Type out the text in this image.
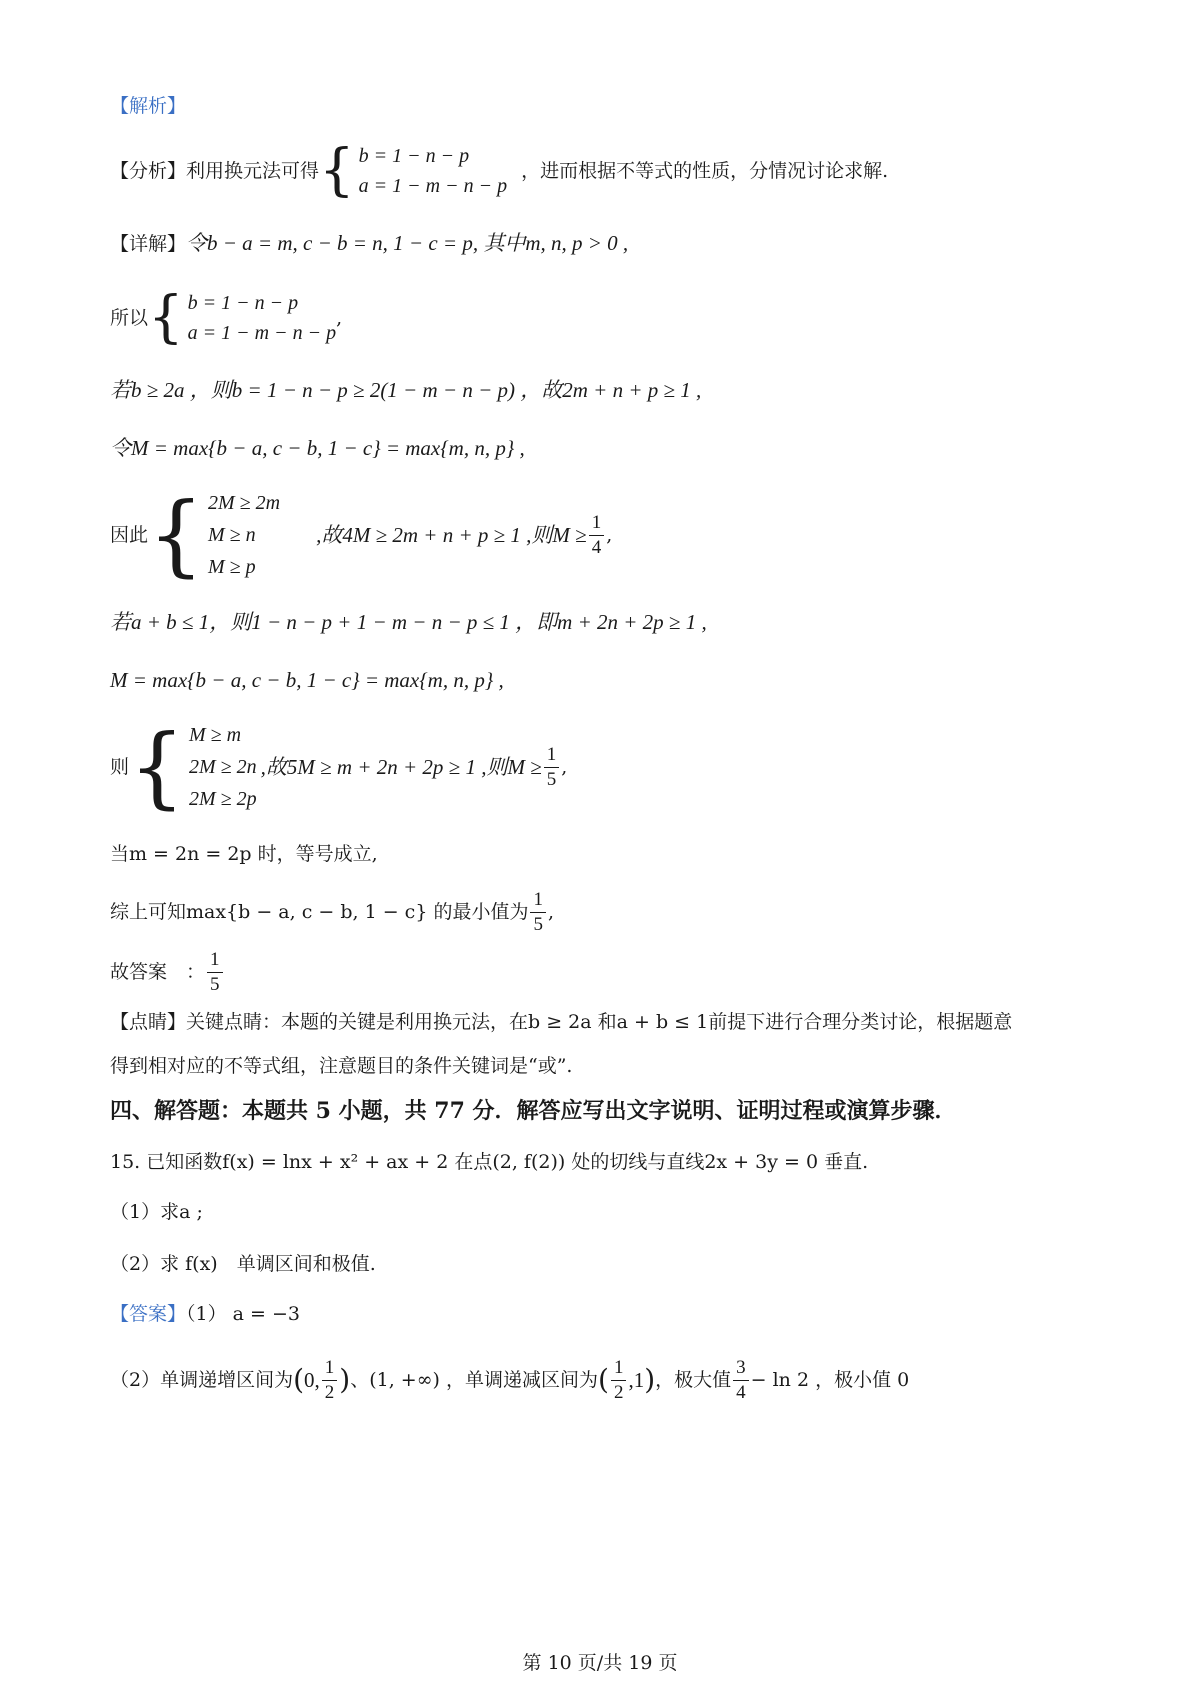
【解析】
【分析】 利用换元法可得 { b = 1 − n − p
a = 1 − m − n − p
，进而根据不等式的性质，分情况讨论求解.
【详解】令b − a = m, c − b = n, 1 − c = p, 其中m, n, p > 0 ,
所以 { b = 1 − n − p
a = 1 − m − n − p
,
若b ≥ 2a ，则b = 1 − n − p ≥ 2(1 − m − n − p) ，故2m + n + p ≥ 1 ,
令M = max{b − a, c − b, 1 − c} = max{m, n, p} ,
因此 { 2M ≥ 2m
M ≥ n
M ≥ p
,故4M ≥ 2m + n + p ≥ 1 ,则$M \ge \frac{1}{4}$ ,
若a + b ≤ 1，则1 − n − p + 1 − m − n − p ≤ 1 ，即m + 2n + 2p ≥ 1 ,
M = max{b − a, c − b, 1 − c} = max{m, n, p} ,
则 { M ≥ m
2M ≥ 2n
2M ≥ 2p
,故5M ≥ m + 2n + 2p ≥ 1 ,则$M \ge \frac{1}{5}$ ,
当m = 2n = 2p 时，等号成立,
综上可知max{b − a, c − b, 1 − c} 的最小值为 $\frac{1}{5}$ ,
故答案　： $\frac{1}{5}$
【点睛】关键点睛：本题的关键是利用换元法，在b ≥ 2a 和a + b ≤ 1前提下进行合理分类讨论，根据题意
得到相对应的不等式组，注意题目的条件关键词是“或”.
四、解答题：本题共 5 小题，共 77 分．解答应写出文字说明、证明过程或演算步骤．
15. 已知函数f(x) = lnx + x² + ax + 2 在点(2, f(2)) 处的切线与直线2x + 3y = 0 垂直.
（1）求a ;
（2）求 f(x)　单调区间和极值.
【答案】（1） a = −3
（2）单调递增区间为 ( 0, $\frac{1}{2}$ ) 、(1, +∞) ，单调递减区间为 ( $\frac{1}{2} ,1$ ) ，极大值 $\frac{3}{4} - \ln 2$ ，极小值 0
第 10 页/共 19 页
